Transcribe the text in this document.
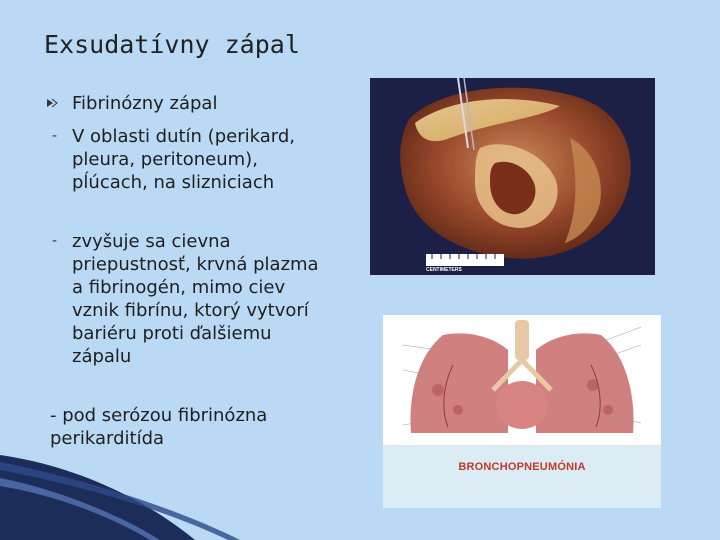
Exsudatívny zápal
Fibrinózny zápal
- V oblasti dutín (perikard,
pleura, peritoneum),
pĺúcach, na slizniciach
- zvyšuje sa cievna
priepustnosť, krvná plazma
a fibrinogén, mimo ciev
vznik fibrínu, ktorý vytvorí
bariéru proti ďalšiemu
zápalu
- pod serózou fibrinózna
perikarditída
CENTIMETERS
BRONCHOPNEUMÓNIA
